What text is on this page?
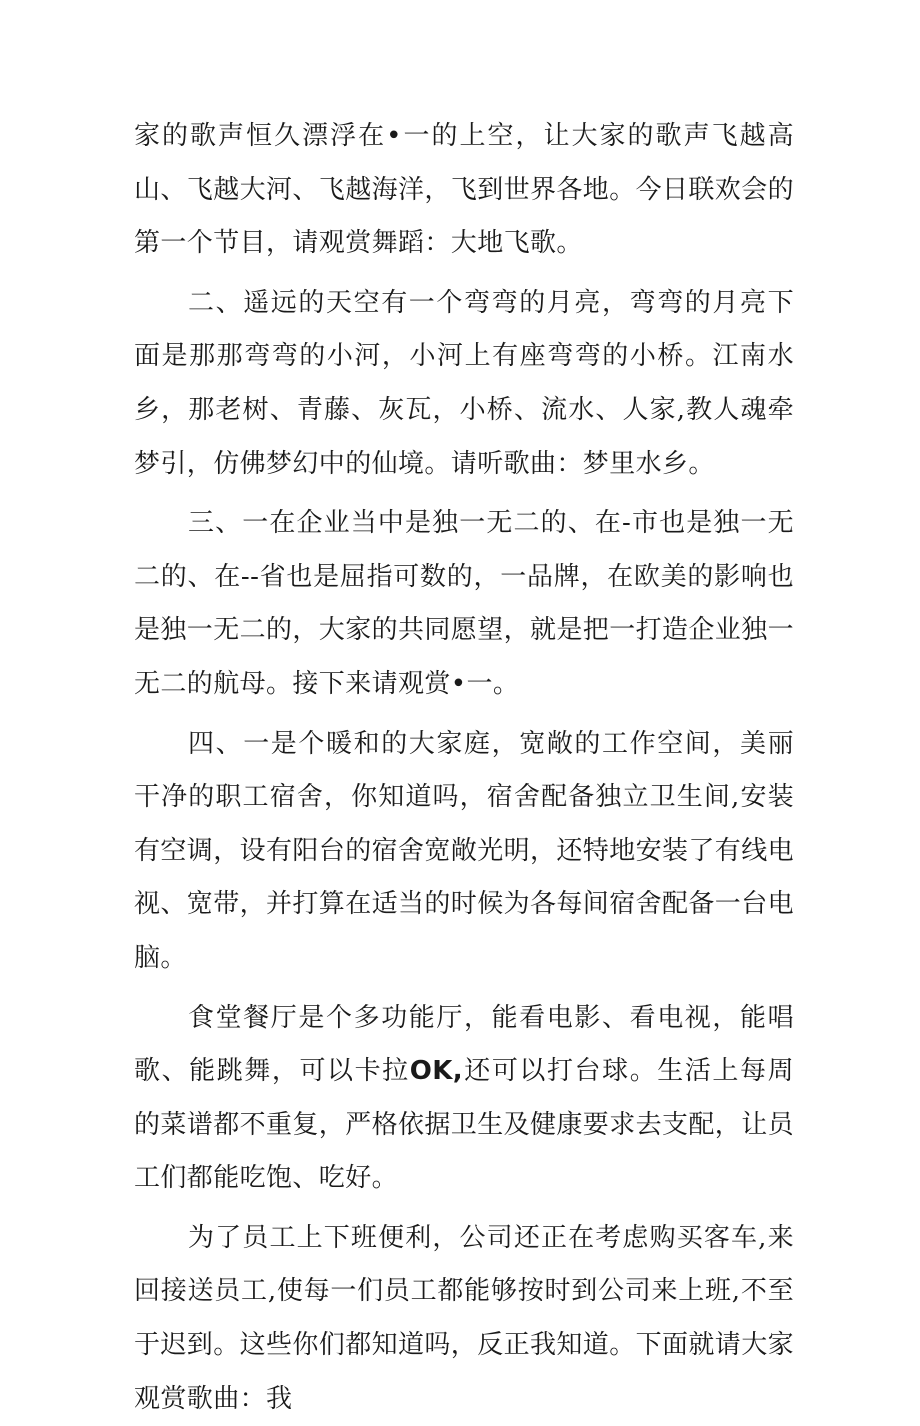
家的歌声恒久漂浮在•一的上空，让大家的歌声飞越高山、飞越大河、飞越海洋，飞到世界各地。今日联欢会的第一个节目，请观赏舞蹈：大地飞歌。

二、遥远的天空有一个弯弯的月亮，弯弯的月亮下面是那那弯弯的小河，小河上有座弯弯的小桥。江南水乡，那老树、青藤、灰瓦，小桥、流水、人家,教人魂牵梦引，仿佛梦幻中的仙境。请听歌曲：梦里水乡。

三、一在企业当中是独一无二的、在-市也是独一无二的、在--省也是屈指可数的，一品牌，在欧美的影响也是独一无二的，大家的共同愿望，就是把一打造企业独一无二的航母。接下来请观赏•一。

四、一是个暖和的大家庭，宽敞的工作空间，美丽干净的职工宿舍，你知道吗，宿舍配备独立卫生间,安装有空调，设有阳台的宿舍宽敞光明，还特地安装了有线电视、宽带，并打算在适当的时候为各每间宿舍配备一台电脑。

食堂餐厅是个多功能厅，能看电影、看电视，能唱歌、能跳舞，可以卡拉OK,还可以打台球。生活上每周的菜谱都不重复，严格依据卫生及健康要求去支配，让员工们都能吃饱、吃好。

为了员工上下班便利，公司还正在考虑购买客车,来回接送员工,使每一们员工都能够按时到公司来上班,不至于迟到。这些你们都知道吗，反正我知道。下面就请大家观赏歌曲：我
